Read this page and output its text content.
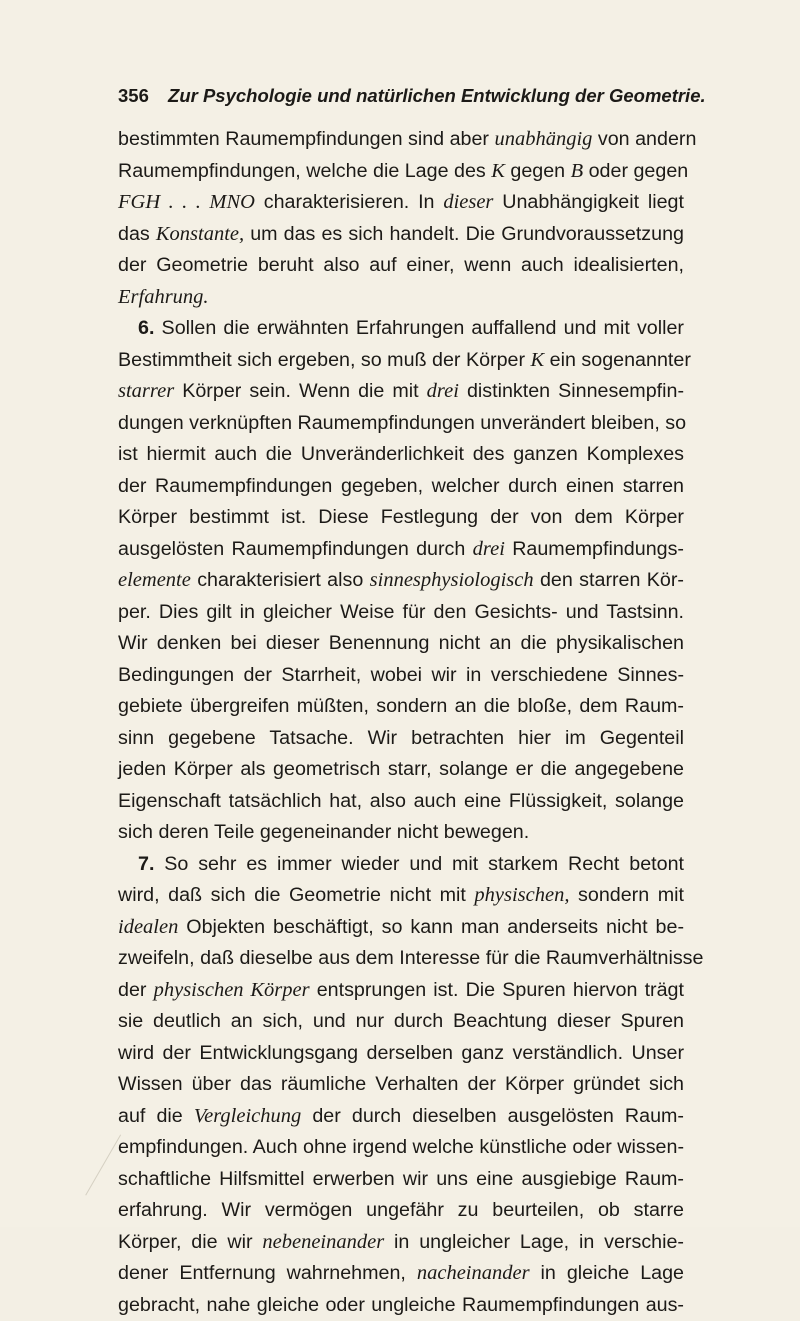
356 Zur Psychologie und natürlichen Entwicklung der Geometrie.
bestimmten Raumempfindungen sind aber unabhängig von andern
Raumempfindungen, welche die Lage des K gegen B oder gegen
FGH . . . MNO charakterisieren. In dieser Unabhängigkeit liegt
das Konstante, um das es sich handelt. Die Grundvoraussetzung
der Geometrie beruht also auf einer, wenn auch idealisierten,
Erfahrung.
6. Sollen die erwähnten Erfahrungen auffallend und mit voller
Bestimmtheit sich ergeben, so muß der Körper K ein sogenannter
starrer Körper sein. Wenn die mit drei distinkten Sinnesempfin-
dungen verknüpften Raumempfindungen unverändert bleiben, so
ist hiermit auch die Unveränderlichkeit des ganzen Komplexes
der Raumempfindungen gegeben, welcher durch einen starren
Körper bestimmt ist. Diese Festlegung der von dem Körper
ausgelösten Raumempfindungen durch drei Raumempfindungs-
elemente charakterisiert also sinnesphysiologisch den starren Kör-
per. Dies gilt in gleicher Weise für den Gesichts- und Tastsinn.
Wir denken bei dieser Benennung nicht an die physikalischen
Bedingungen der Starrheit, wobei wir in verschiedene Sinnes-
gebiete übergreifen müßten, sondern an die bloße, dem Raum-
sinn gegebene Tatsache. Wir betrachten hier im Gegenteil
jeden Körper als geometrisch starr, solange er die angegebene
Eigenschaft tatsächlich hat, also auch eine Flüssigkeit, solange
sich deren Teile gegeneinander nicht bewegen.
7. So sehr es immer wieder und mit starkem Recht betont
wird, daß sich die Geometrie nicht mit physischen, sondern mit
idealen Objekten beschäftigt, so kann man anderseits nicht be-
zweifeln, daß dieselbe aus dem Interesse für die Raumverhältnisse
der physischen Körper entsprungen ist. Die Spuren hiervon trägt
sie deutlich an sich, und nur durch Beachtung dieser Spuren
wird der Entwicklungsgang derselben ganz verständlich. Unser
Wissen über das räumliche Verhalten der Körper gründet sich
auf die Vergleichung der durch dieselben ausgelösten Raum-
empfindungen. Auch ohne irgend welche künstliche oder wissen-
schaftliche Hilfsmittel erwerben wir uns eine ausgiebige Raum-
erfahrung. Wir vermögen ungefähr zu beurteilen, ob starre
Körper, die wir nebeneinander in ungleicher Lage, in verschie-
dener Entfernung wahrnehmen, nacheinander in gleiche Lage
gebracht, nahe gleiche oder ungleiche Raumempfindungen aus-
